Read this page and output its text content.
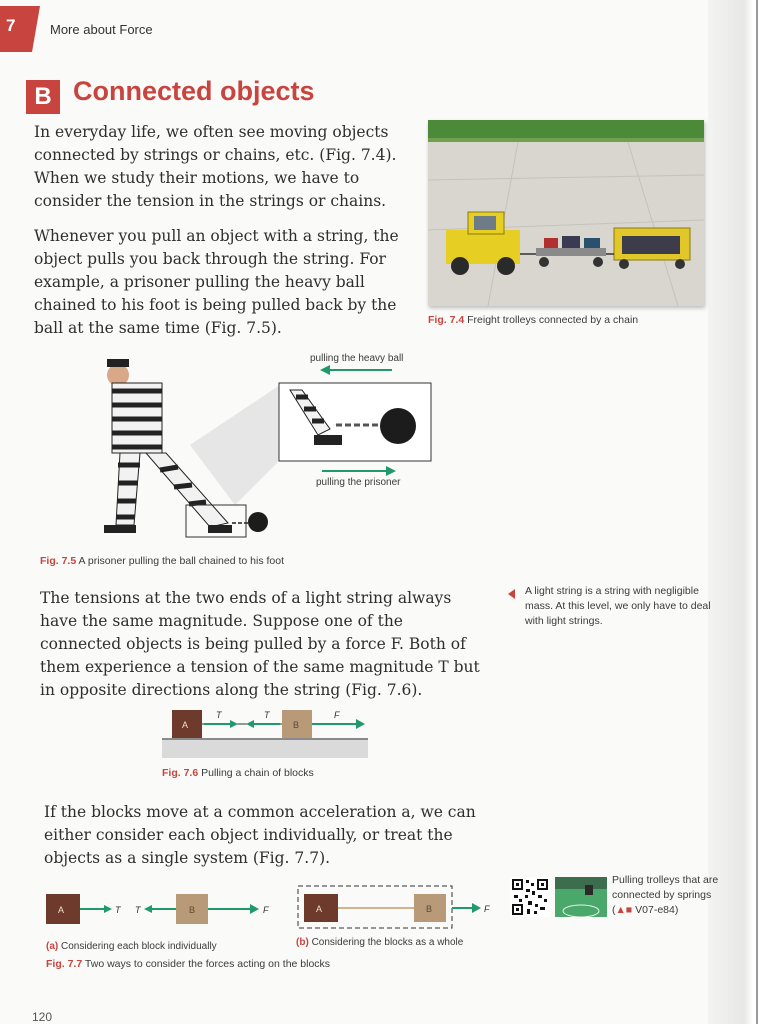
7	More about Force
B Connected objects
In everyday life, we often see moving objects connected by strings or chains, etc. (Fig. 7.4). When we study their motions, we have to consider the tension in the strings or chains.
Whenever you pull an object with a string, the object pulls you back through the string. For example, a prisoner pulling the heavy ball chained to his foot is being pulled back by the ball at the same time (Fig. 7.5).	Fig. 7.4 Freight trolleys connected by a chain
pulling the heavy ball
pulling the prisoner
Fig. 7.5 A prisoner pulling the ball chained to his foot
The tensions at the two ends of a light string always have the same magnitude. Suppose one of the connected objects is being pulled by a force F. Both of them experience a tension of the same magnitude T but in opposite directions along the string (Fig. 7.6).
A light string is a string with negligible mass. At this level, we only have to deal with light strings.
A	B
T	T	F
Fig. 7.6 Pulling a chain of blocks
If the blocks move at a common acceleration a, we can either consider each object individually, or treat the objects as a single system (Fig. 7.7).
A	B
T T	F	A	B	F
(a) Considering each block individually	(b) Considering the blocks as a whole
Fig. 7.7 Two ways to consider the forces acting on the blocks
Pulling trolleys that are connected by springs
(▲■ V07-e84)
120
